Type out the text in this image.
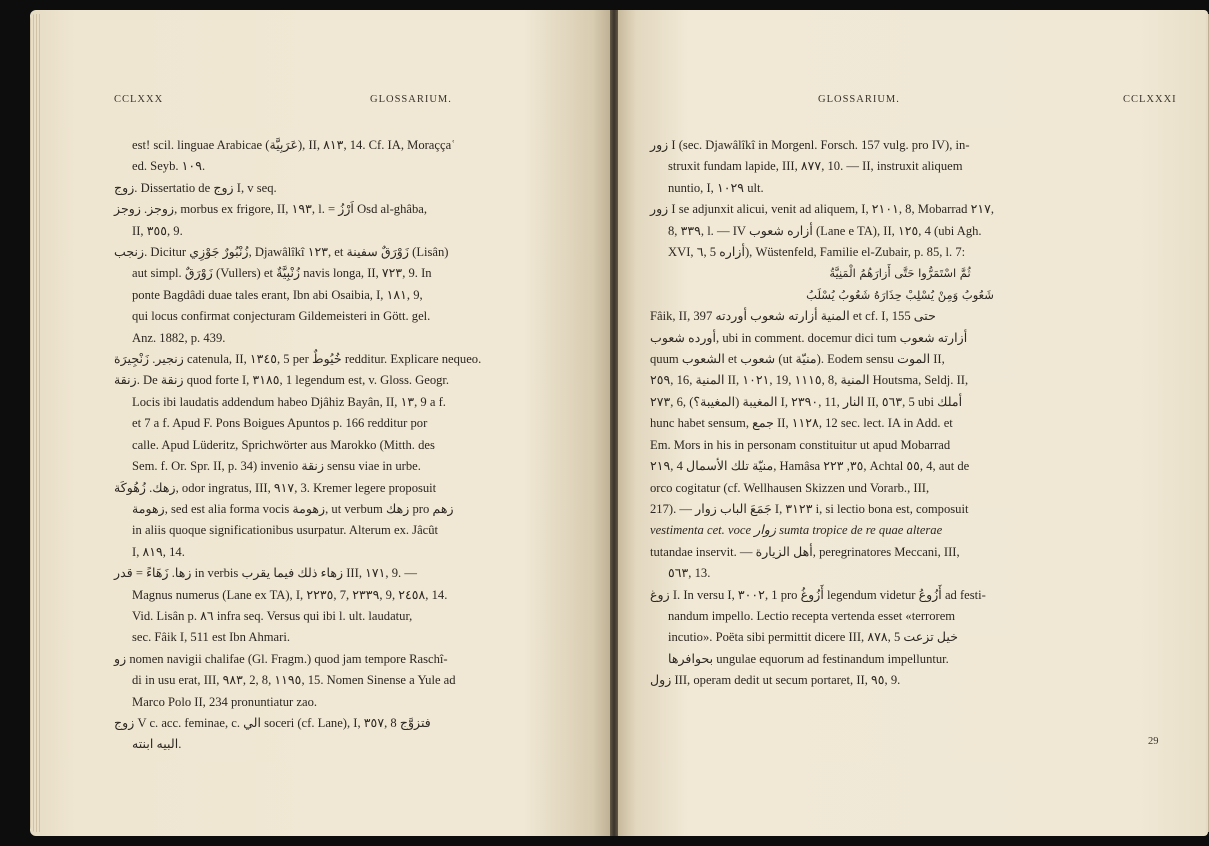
CCLXXX	GLOSSARIUM.

est! scil. linguae Arabicae (عَرَبِيَّة), II, ٨١٣, 14. Cf. IA, Moraççaʿ

ed. Seyb. ١٠٩.

زوج. Dissertatio de زوج I, v seq.

زوجز. زوجز, morbus ex frigore, II, ١٩٣, l. = اَرْزُ Osd al-ghâba,

II, ٣٥٥, 9.

زنجب. Dicitur زُنْبُورٌ جَوْزِي, Djawâlîkî ١٢٣, et زَوْرَقٌ سفينة (Lisân)

aut simpl. زَوْرَقٌ (Vullers) et زُنْبِيَّةٌ navis longa, II, ٧٢٣, 9. In

ponte Bagdâdi duae tales erant, Ibn abi Osaibia, I, ١٨١, 9,

qui locus confirmat conjecturam Gildemeisteri in Gött. gel.

Anz. 1882, p. 439.

زنجير. زَنْجِيرَة catenula, II, ١٣٤٥, 5 per خُيُوطٌ redditur. Explicare nequeo.

زنقة. De زنقة quod forte I, ٣١٨٥, 1 legendum est, v. Gloss. Geogr.

Locis ibi laudatis addendum habeo Djâhiz Bayân, II, ١٣, 9 a f.

et 7 a f. Apud F. Pons Boigues Apuntos p. 166 redditur por

calle. Apud Lüderitz, Sprichwörter aus Marokko (Mitth. des

Sem. f. Or. Spr. II, p. 34) invenio زنقة sensu viae in urbe.

زهك. زُهُوكَة, odor ingratus, III, ٩١٧, 3. Kremer legere proposuit

زهومة, sed est alia forma vocis زهومة, ut verbum زهك pro زهم

in aliis quoque significationibus usurpatur. Alterum ex. Jâcût

I, ٨١٩, 14.

زها. زَهَاءً = قدر in verbis زهاء ذلك فيما يقرب III, ١٧١, 9. —

Magnus numerus (Lane ex TA), I, ٢٢٣٥, 7, ٢٣٣٩, 9, ٢٤٥٨, 14.

Vid. Lisân p. ٨٦ infra seq. Versus qui ibi l. ult. laudatur,

sec. Fâik I, 511 est Ibn Ahmari.

زو nomen navigii chalifae (Gl. Fragm.) quod jam tempore Raschî-

di in usu erat, III, ٩٨٣, 2, 8, ١١٩٥, 15. Nomen Sinense a Yule ad

Marco Polo II, 234 pronuntiatur zao.

زوج V c. acc. feminae, c. الي soceri (cf. Lane), I, ٣٥٧, 8 فتزوَّج

البيه ابنته.

GLOSSARIUM.	CCLXXXI

زور I (sec. Djawâlîkî in Morgenl. Forsch. 157 vulg. pro IV), in-

struxit fundam lapide, III, ٨٧٧, 10. — II, instruxit aliquem

nuntio, I, ١٠٢٩ ult.

زور I se adjunxit alicui, venit ad aliquem, I, ٢١٠١, 8, Mobarrad ٢١٧,

8, ٣٣٩, l. — IV أزاره شعوب (Lane e TA), II, ١٢٥, 4 (ubi Agh.

XVI, ٦, 5 أزاره), Wüstenfeld, Familie el-Zubair, p. 85, l. 7:

ثُمَّ اسْتَمَرُّوا حَتَّى أَزارَهُمُ الْمَنِيَّةُ

شَعُوبُ وَمِنْ يُسْلِبْ حِذَارَهُ شَعُوبُ يُسْلَبُ

Fâik, II, 397 المنية أزارته شعوب أوردته et cf. I, 155 حتى

أورده شعوب, ubi in comment. docemur dici tum أزارته شعوب

quum الشعوب et شعوب (ut منيّة). Eodem sensu الموت II,

٢٥٩, 16, المنية II, ١٠٢١, 19, ١١١٥, 8, المنية Houtsma, Seldj. II,

٢٧٣, 6, المغيبة (المغيبة؟) I, ٢٣٩٠, 11, النار II, ٥٦٣, 5 ubi أملك

hunc habet sensum, جمع II, ١١٢٨, 12 sec. lect. IA in Add. et

Em. Mors in his in personam constituitur ut apud Mobarrad

٢١٩, 4 منيّة تلك الأسمال, Hamâsa ٣٥, ٢٢٣, Achtal ٥٥, 4, aut de

orco cogitatur (cf. Wellhausen Skizzen und Vorarb., III,

217). — جَمَعَ الباب زوار I, ٣١٢٣ i, si lectio bona est, composuit

vestimenta cet. voce زوار sumta tropice de re quae alterae

tutandae inservit. — أهل الزيارة, peregrinatores Meccani, III,

٥٦٣, 13.

زوغ I. In versu I, ٣٠٠٢, 1 pro أَزُوغُ legendum videtur أَزُوعُ ad festi-

nandum impello. Lectio recepta vertenda esset «terrorem

incutio». Poëta sibi permittit dicere III, ٨٧٨, 5 خيل تزعت

بحوافرها ungulae equorum ad festinandum impelluntur.

زول III, operam dedit ut secum portaret, II, ٩٥, 9.

29
